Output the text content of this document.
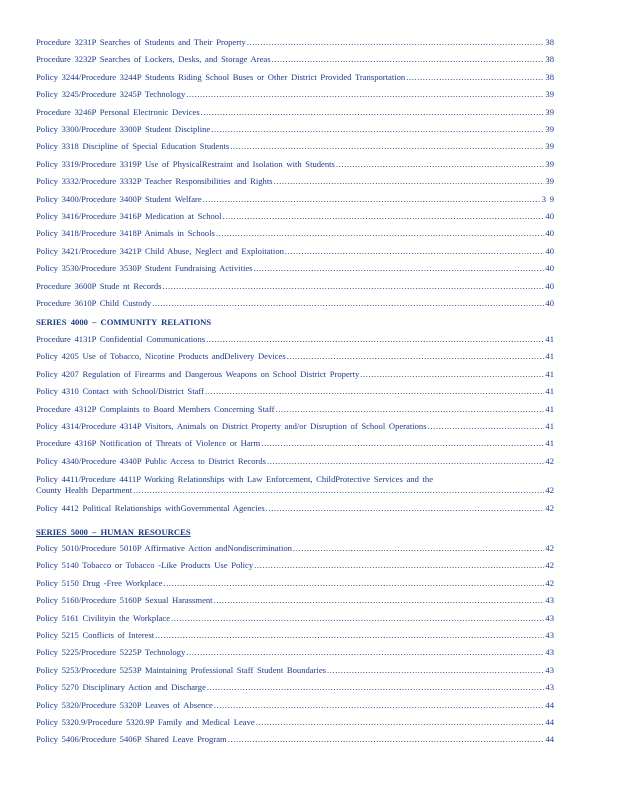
Procedure 3231P Searches of Students and Their Property .....	38
Procedure 3232P Searches of Lockers, Desks, and Storage Areas .....	38
Policy 3244/Procedure 3244P Students Riding School Buses or Other District Provided Transportation .....	38
Policy 3245/Procedure 3245P Technology .....	39
Procedure 3246P Personal Electronic Devices .....	39
Policy 3300/Procedure 3300P Student Discipline .....	39
Policy 3318 Discipline of Special Education Students .....	39
Policy 3319/Procedure 3319P Use of PhysicalRestraint and Isolation with Students .....	39
Policy 3332/Procedure 3332P Teacher Responsibilities and Rights .....	39
Policy 3400/Procedure 3400P Student Welfare .....	3 9
Policy 3416/Procedure 3416P Medication at School .....	40
Policy 3418/Procedure 3418P Animals in Schools .....	40
Policy 3421/Procedure 3421P Child Abuse, Neglect and Exploitation .....	40
Policy 3530/Procedure 3530P Student Fundraising Activities .....	40
Procedure 3600P Stude nt Records .....	40
Procedure 3610P Child Custody .....	40
SERIES 4000 – COMMUNITY RELATIONS
Procedure 4131P Confidential Communications .....	41
Policy 4205 Use of Tobacco, Nicotine Products andDelivery Devices .....	41
Policy 4207 Regulation of Firearms and Dangerous Weapons on School District Property .....	41
Policy 4310 Contact with School/District Staff .....	41
Procedure 4312P Complaints to Board Members Concerning Staff .....	41
Policy 4314/Procedure 4314P Visitors, Animals on District Property and/or Disruption of School Operations .....	41
Procedure 4316P Notification of Threats of Violence or Harm .....	41
Policy 4340/Procedure 4340P Public Access to District Records .....	42
Policy 4411/Procedure 4411P Working Relationships with Law Enforcement, ChildProtective Services and the
County Health Department .....	42
Policy 4412 Political Relationships withGovernmental Agencies .....	42
SERIES 5000 – HUMAN RESOURCES
Policy 5010/Procedure 5010P Affirmative Action andNondiscrimination .....	42
Policy 5140 Tobacco or Tobacco -Like Products Use Policy .....	42
Policy 5150 Drug -Free Workplace .....	42
Policy 5160/Procedure 5160P Sexual Harassment .....	43
Policy 5161 Civilityin the Workplace .....	43
Policy 5215 Conflicts of Interest .....	43
Policy 5225/Procedure 5225P Technology .....	43
Policy 5253/Procedure 5253P Maintaining Professional Staff Student Boundaries .....	43
Policy 5270 Disciplinary Action and Discharge .....	43
Policy 5320/Procedure 5320P Leaves of Absence .....	44
Policy 5320.9/Procedure 5320.9P Family and Medical Leave .....	44
Policy 5406/Procedure 5406P Shared Leave Program .....	44
